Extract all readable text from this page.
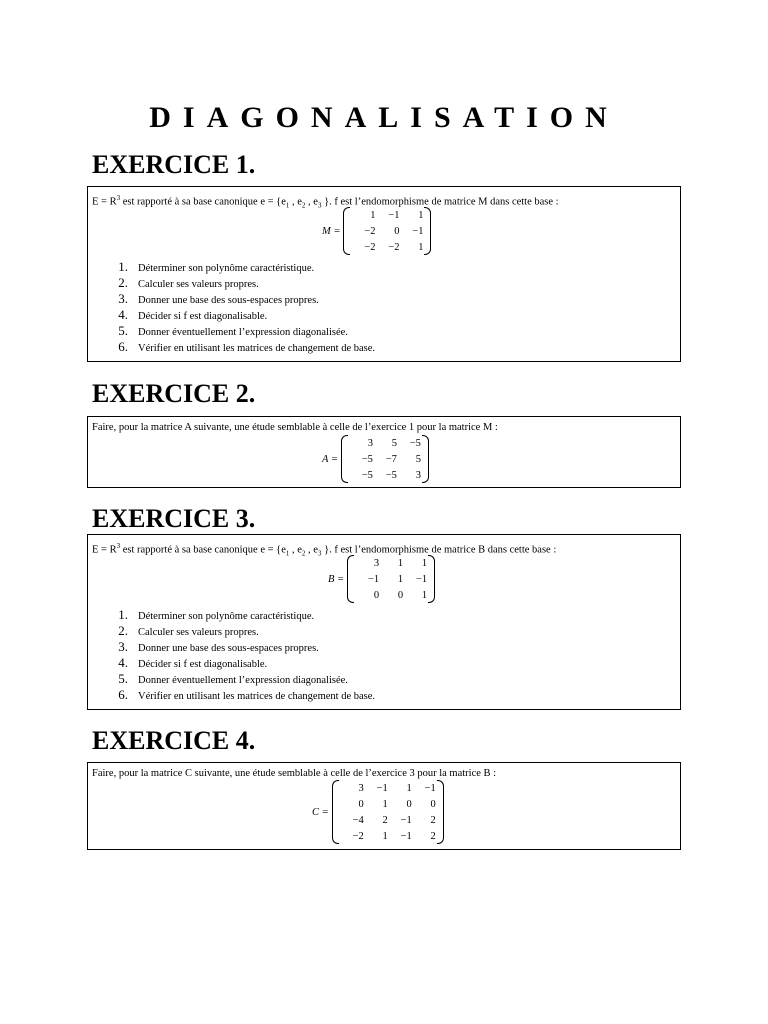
DIAGONALISATION
EXERCICE 1.
$E = R^3$ est rapporté à sa base canonique $e = \{e_1$ , $e_2$ , $e_3$ }. f est l’endomorphisme de matrice M dans cette base :
M =
1	−1	1
−2	0	−1
−2	−2	1
1. Déterminer son polynôme caractéristique.
2. Calculer ses valeurs propres.
3. Donner une base des sous-espaces propres.
4. Décider si f est diagonalisable.
5. Donner éventuellement l’expression diagonalisée.
6. Vérifier en utilisant les matrices de changement de base.
EXERCICE 2.
Faire, pour la matrice A suivante, une étude semblable à celle de l’exercice 1 pour la matrice M :
A =
3	5	−5
−5	−7	5
−5	−5	3
EXERCICE 3.
$E = R^3$ est rapporté à sa base canonique $e = \{e_1$ , $e_2$ , $e_3$ }. f est l’endomorphisme de matrice B dans cette base :
B =
3	1	1
−1	1	−1
0	0	1
1. Déterminer son polynôme caractéristique.
2. Calculer ses valeurs propres.
3. Donner une base des sous-espaces propres.
4. Décider si f est diagonalisable.
5. Donner éventuellement l’expression diagonalisée.
6. Vérifier en utilisant les matrices de changement de base.
EXERCICE 4.
Faire, pour la matrice C suivante, une étude semblable à celle de l’exercice 3 pour la matrice B :
C =
3	−1	1	−1
0	1	0	0
−4	2	−1	2
−2	1	−1	2
